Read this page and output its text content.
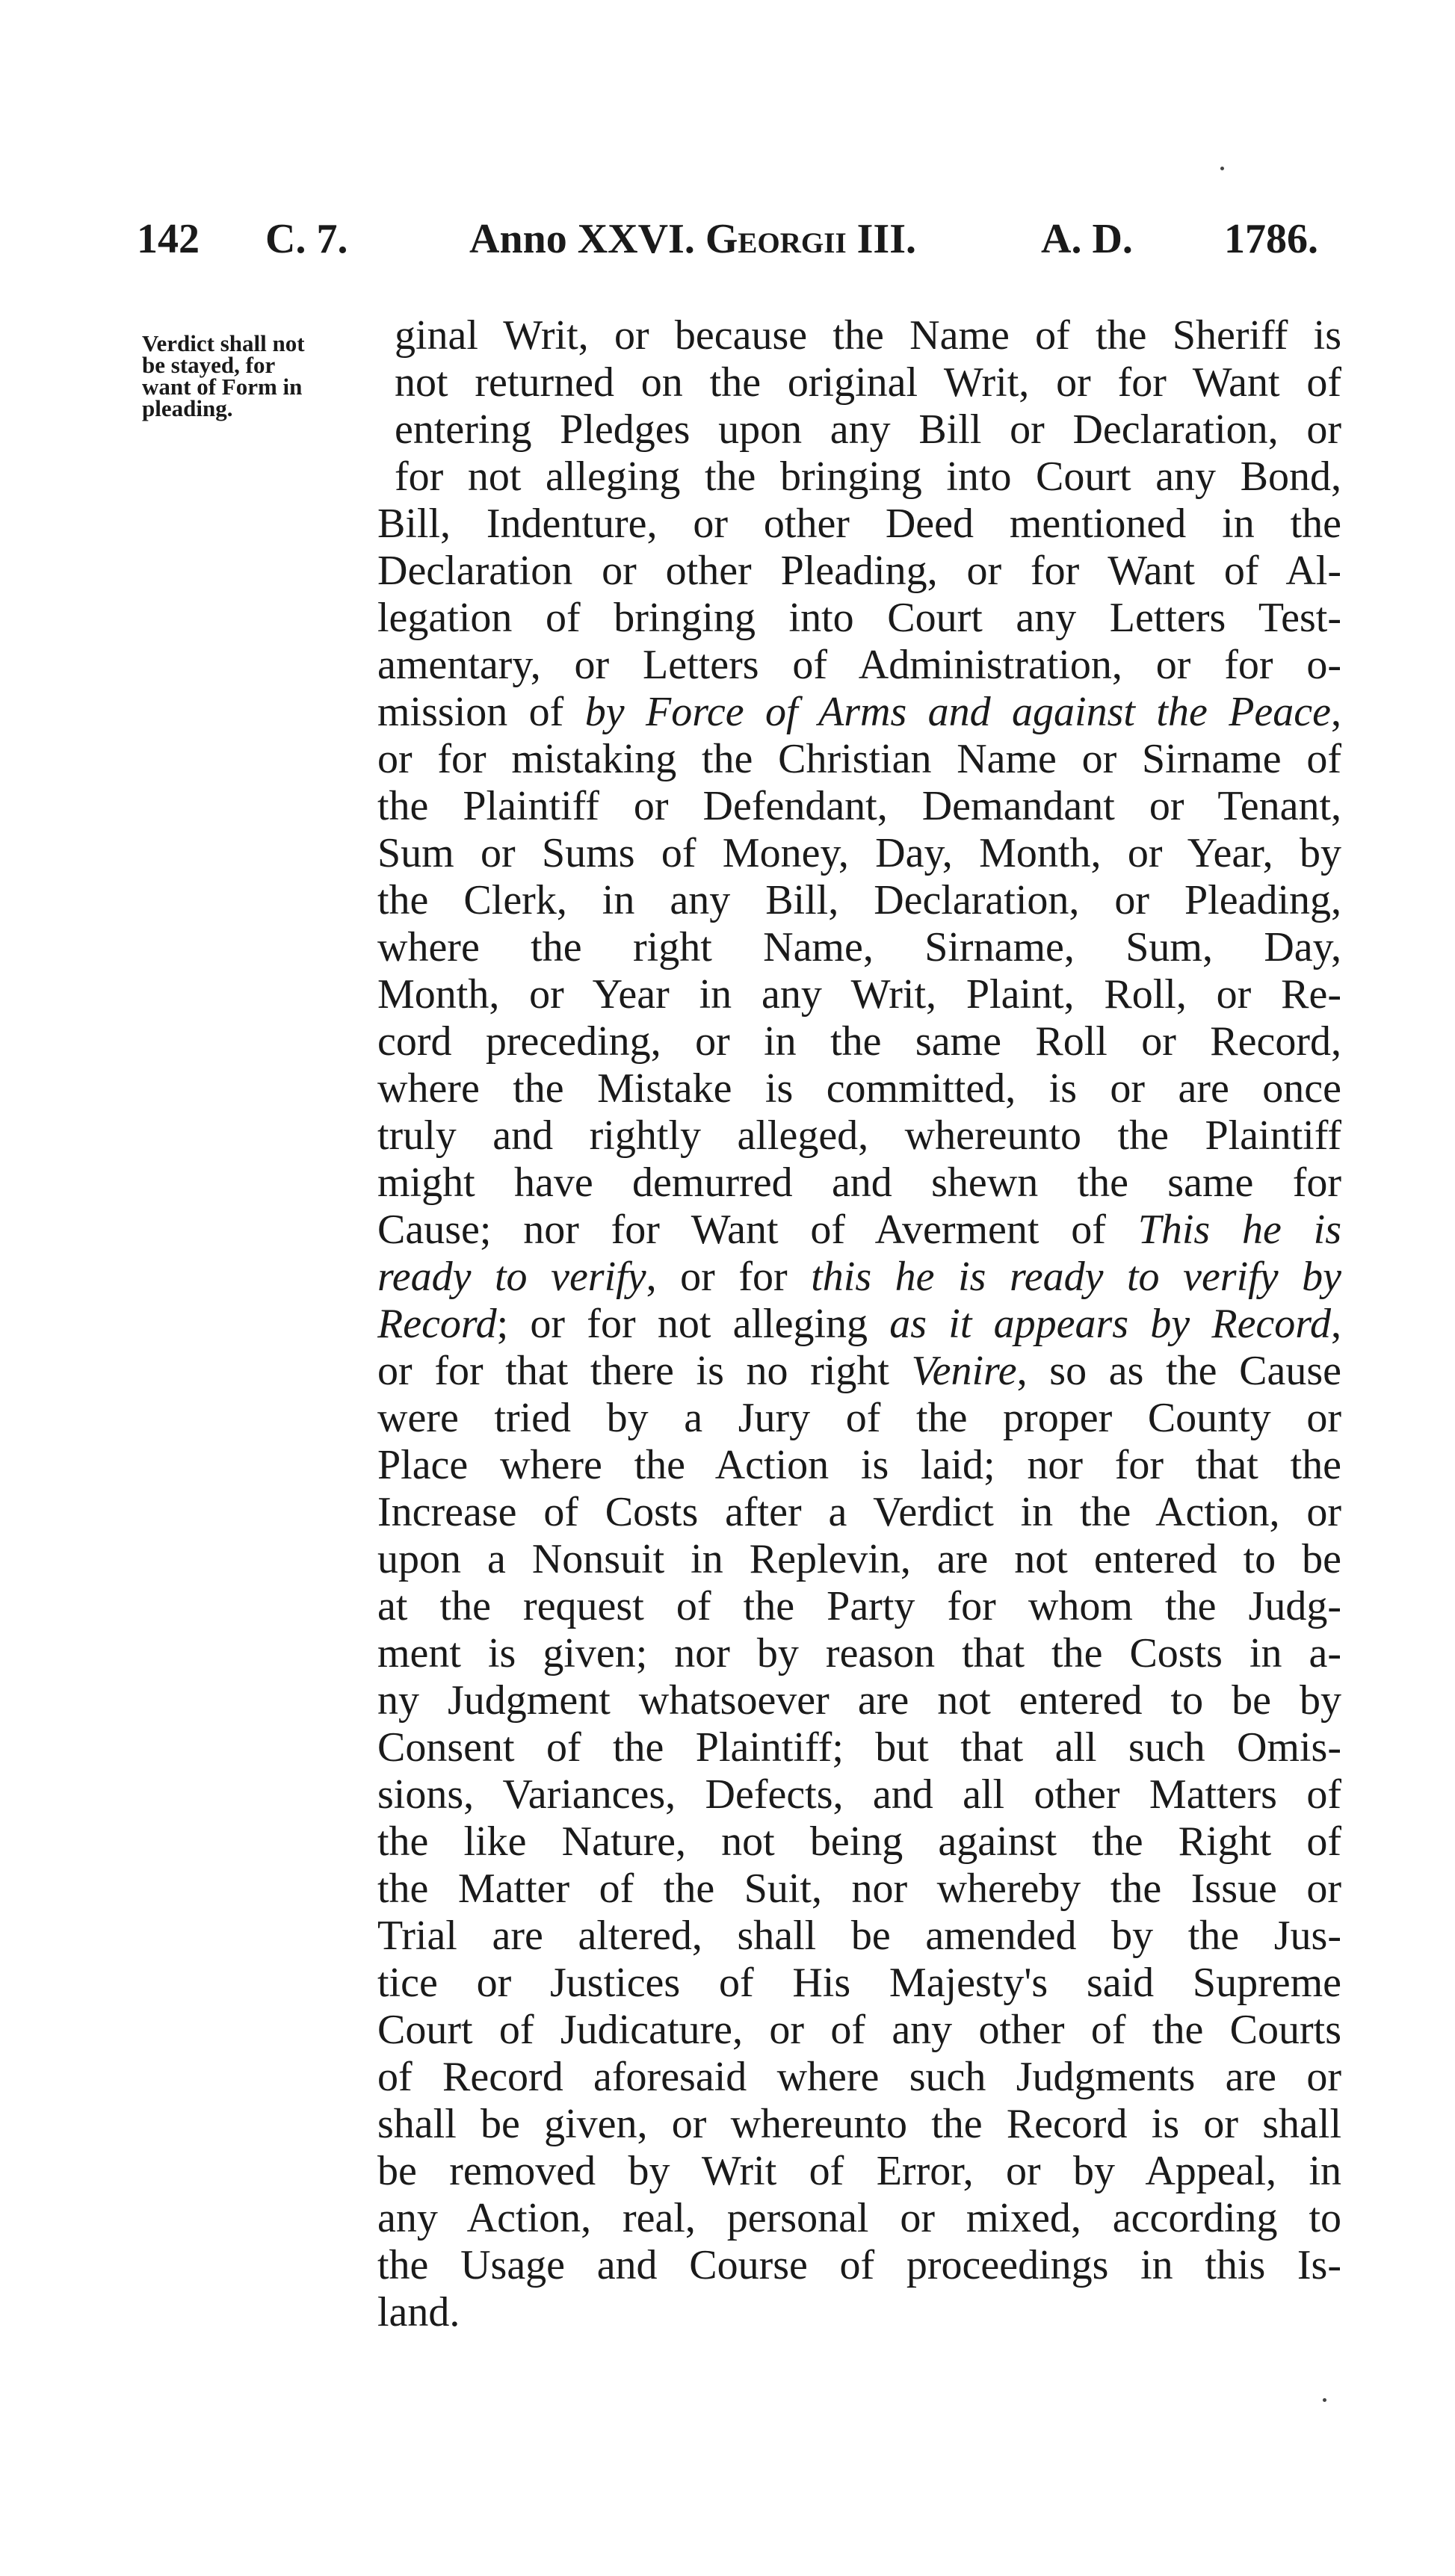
142 C. 7.	Anno XXVI. Georgii III.	A. D. 1786.
Verdict shall not
be stayed, for
want of Form in
pleading.
ginal Writ, or because the Name of the Sheriff is
not returned on the original Writ, or for Want of
entering Pledges upon any Bill or Declaration, or
for not alleging the bringing into Court any Bond,
Bill, Indenture, or other Deed mentioned in the
Declaration or other Pleading, or for Want of Al-
legation of bringing into Court any Letters Test-
amentary, or Letters of Administration, or for o-
mission of by Force of Arms and against the Peace,
or for mistaking the Christian Name or Sirname of
the Plaintiff or Defendant, Demandant or Tenant,
Sum or Sums of Money, Day, Month, or Year, by
the Clerk, in any Bill, Declaration, or Pleading,
where the right Name, Sirname, Sum, Day,
Month, or Year in any Writ, Plaint, Roll, or Re-
cord preceding, or in the same Roll or Record,
where the Mistake is committed, is or are once
truly and rightly alleged, whereunto the Plaintiff
might have demurred and shewn the same for
Cause; nor for Want of Averment of This he is
ready to verify, or for this he is ready to verify by
Record; or for not alleging as it appears by Record,
or for that there is no right Venire, so as the Cause
were tried by a Jury of the proper County or
Place where the Action is laid; nor for that the
Increase of Costs after a Verdict in the Action, or
upon a Nonsuit in Replevin, are not entered to be
at the request of the Party for whom the Judg-
ment is given; nor by reason that the Costs in a-
ny Judgment whatsoever are not entered to be by
Consent of the Plaintiff; but that all such Omis-
sions, Variances, Defects, and all other Matters of
the like Nature, not being against the Right of
the Matter of the Suit, nor whereby the Issue or
Trial are altered, shall be amended by the Jus-
tice or Justices of His Majesty's said Supreme
Court of Judicature, or of any other of the Courts
of Record aforesaid where such Judgments are or
shall be given, or whereunto the Record is or shall
be removed by Writ of Error, or by Appeal, in
any Action, real, personal or mixed, according to
the Usage and Course of proceedings in this Is-
land.
